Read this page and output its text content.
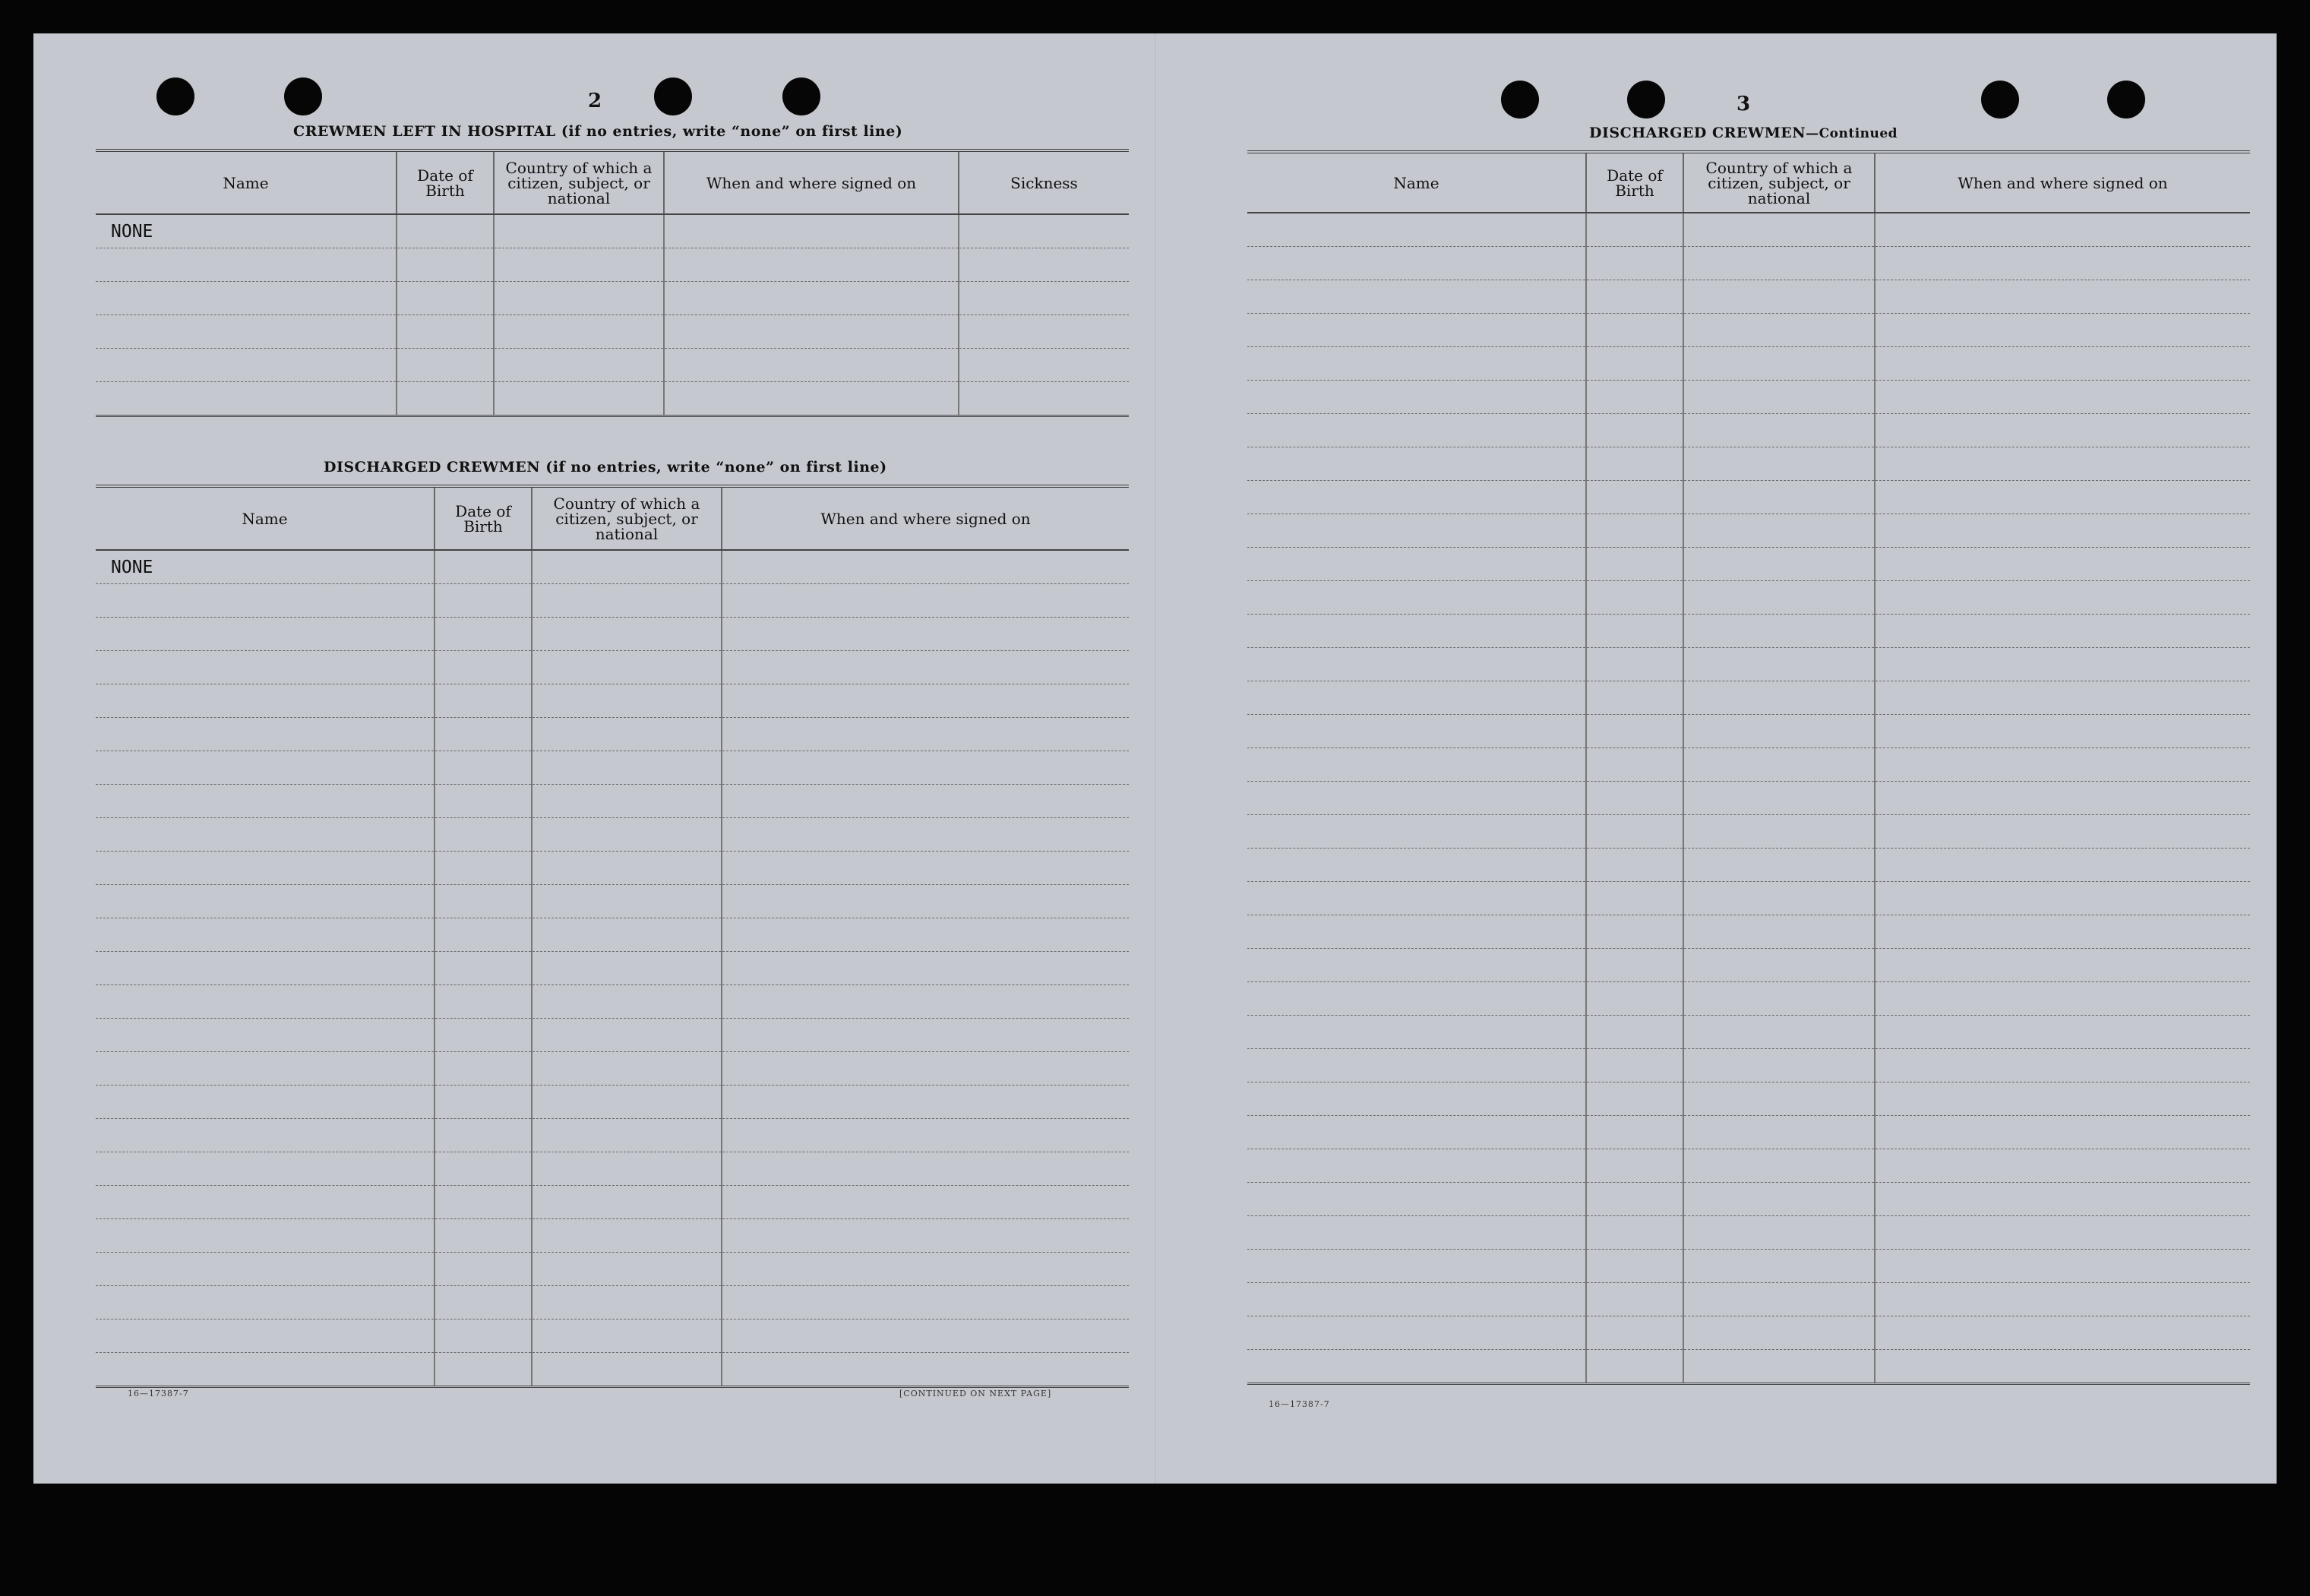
2
CREWMEN LEFT IN HOSPITAL (if no entries, write “none” on first line)
Name	Date of Birth	Country of which a citizen, subject, or national	When and where signed on	Sickness
NONE				

DISCHARGED CREWMEN (if no entries, write “none” on first line)
Name	Date of Birth	Country of which a citizen, subject, or national	When and where signed on
NONE			

16—17387-7	[CONTINUED ON NEXT PAGE]
3
DISCHARGED CREWMEN—Continued
Name	Date of Birth	Country of which a citizen, subject, or national	When and where signed on

16—17387-7
